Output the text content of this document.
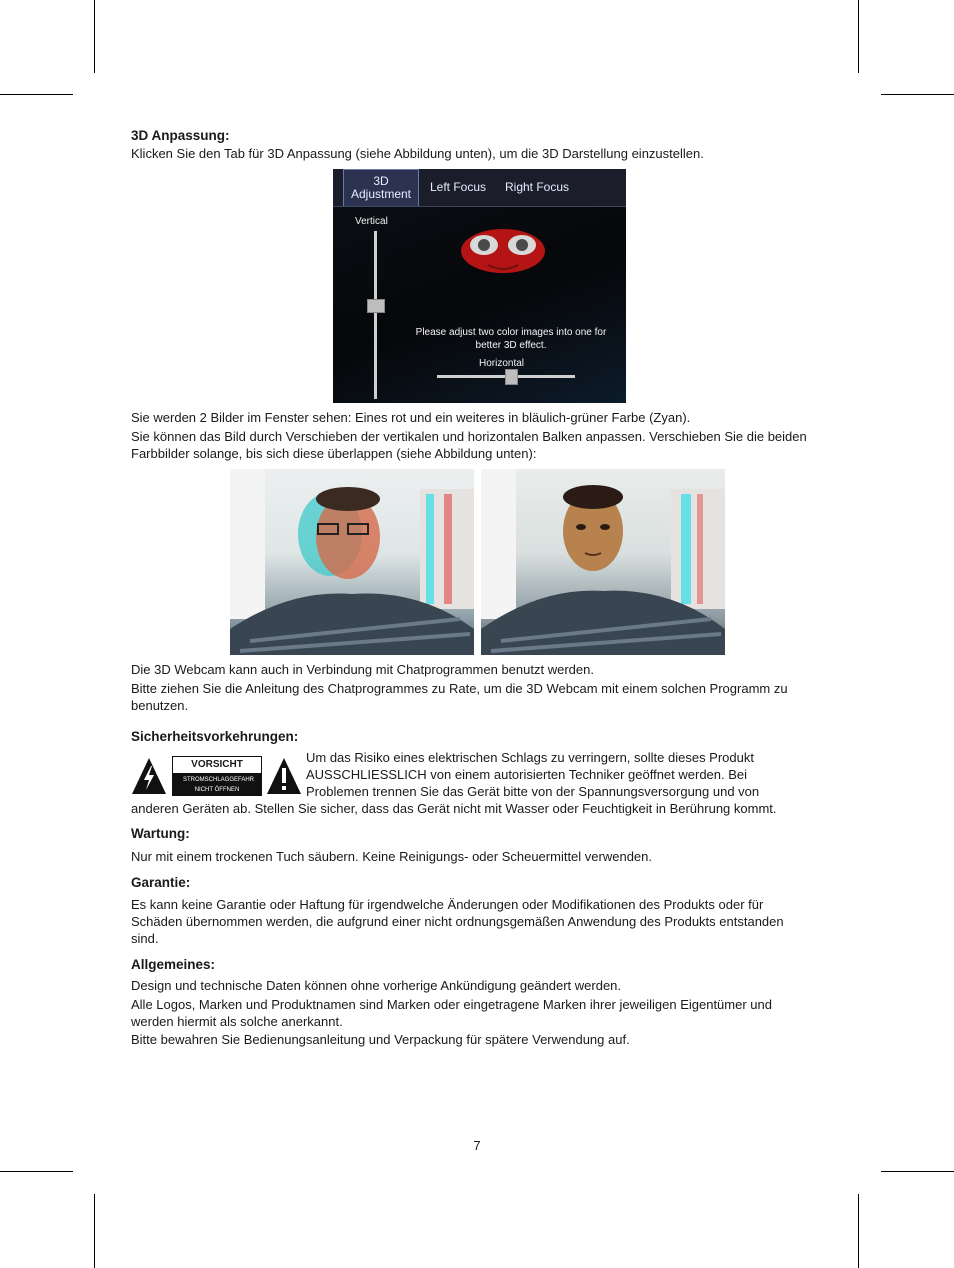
3D Anpassung:

Klicken Sie den Tab für 3D Anpassung (siehe Abbildung unten), um die 3D Darstellung einzustellen.

3D Adjustment	Left Focus	Right Focus
Vertical
Please adjust two color images into one for better 3D effect.
Horizontal

Sie werden 2 Bilder im Fenster sehen: Eines rot und ein weiteres in bläulich-grüner Farbe (Zyan).

Sie können das Bild durch Verschieben der vertikalen und horizontalen Balken anpassen. Verschieben Sie die beiden Farbbilder solange, bis sich diese überlappen (siehe Abbildung unten):

Die 3D Webcam kann auch in Verbindung mit Chatprogrammen benutzt werden.

Bitte ziehen Sie die Anleitung des Chatprogrammes zu Rate, um die 3D Webcam mit einem solchen Programm zu benutzen.

Sicherheitsvorkehrungen:

VORSICHT
STROMSCHLAGGEFAHR NICHT ÖFFNEN

Um das Risiko eines elektrischen Schlags zu verringern, sollte dieses Produkt

AUSSCHLIESSLICH von einem autorisierten Techniker geöffnet werden. Bei

Problemen trennen Sie das Gerät bitte von der Spannungsversorgung und von

anderen Geräten ab. Stellen Sie sicher, dass das Gerät nicht mit Wasser oder Feuchtigkeit in Berührung kommt.

Wartung:

Nur mit einem trockenen Tuch säubern. Keine Reinigungs- oder Scheuermittel verwenden.

Garantie:

Es kann keine Garantie oder Haftung für irgendwelche Änderungen oder Modifikationen des Produkts oder für Schäden übernommen werden, die aufgrund einer nicht ordnungsgemäßen Anwendung des Produkts entstanden sind.

Allgemeines:

Design und technische Daten können ohne vorherige Ankündigung geändert werden.

Alle Logos, Marken und Produktnamen sind Marken oder eingetragene Marken ihrer jeweiligen Eigentümer und werden hiermit als solche anerkannt.

Bitte bewahren Sie Bedienungsanleitung und Verpackung für spätere Verwendung auf.

7
